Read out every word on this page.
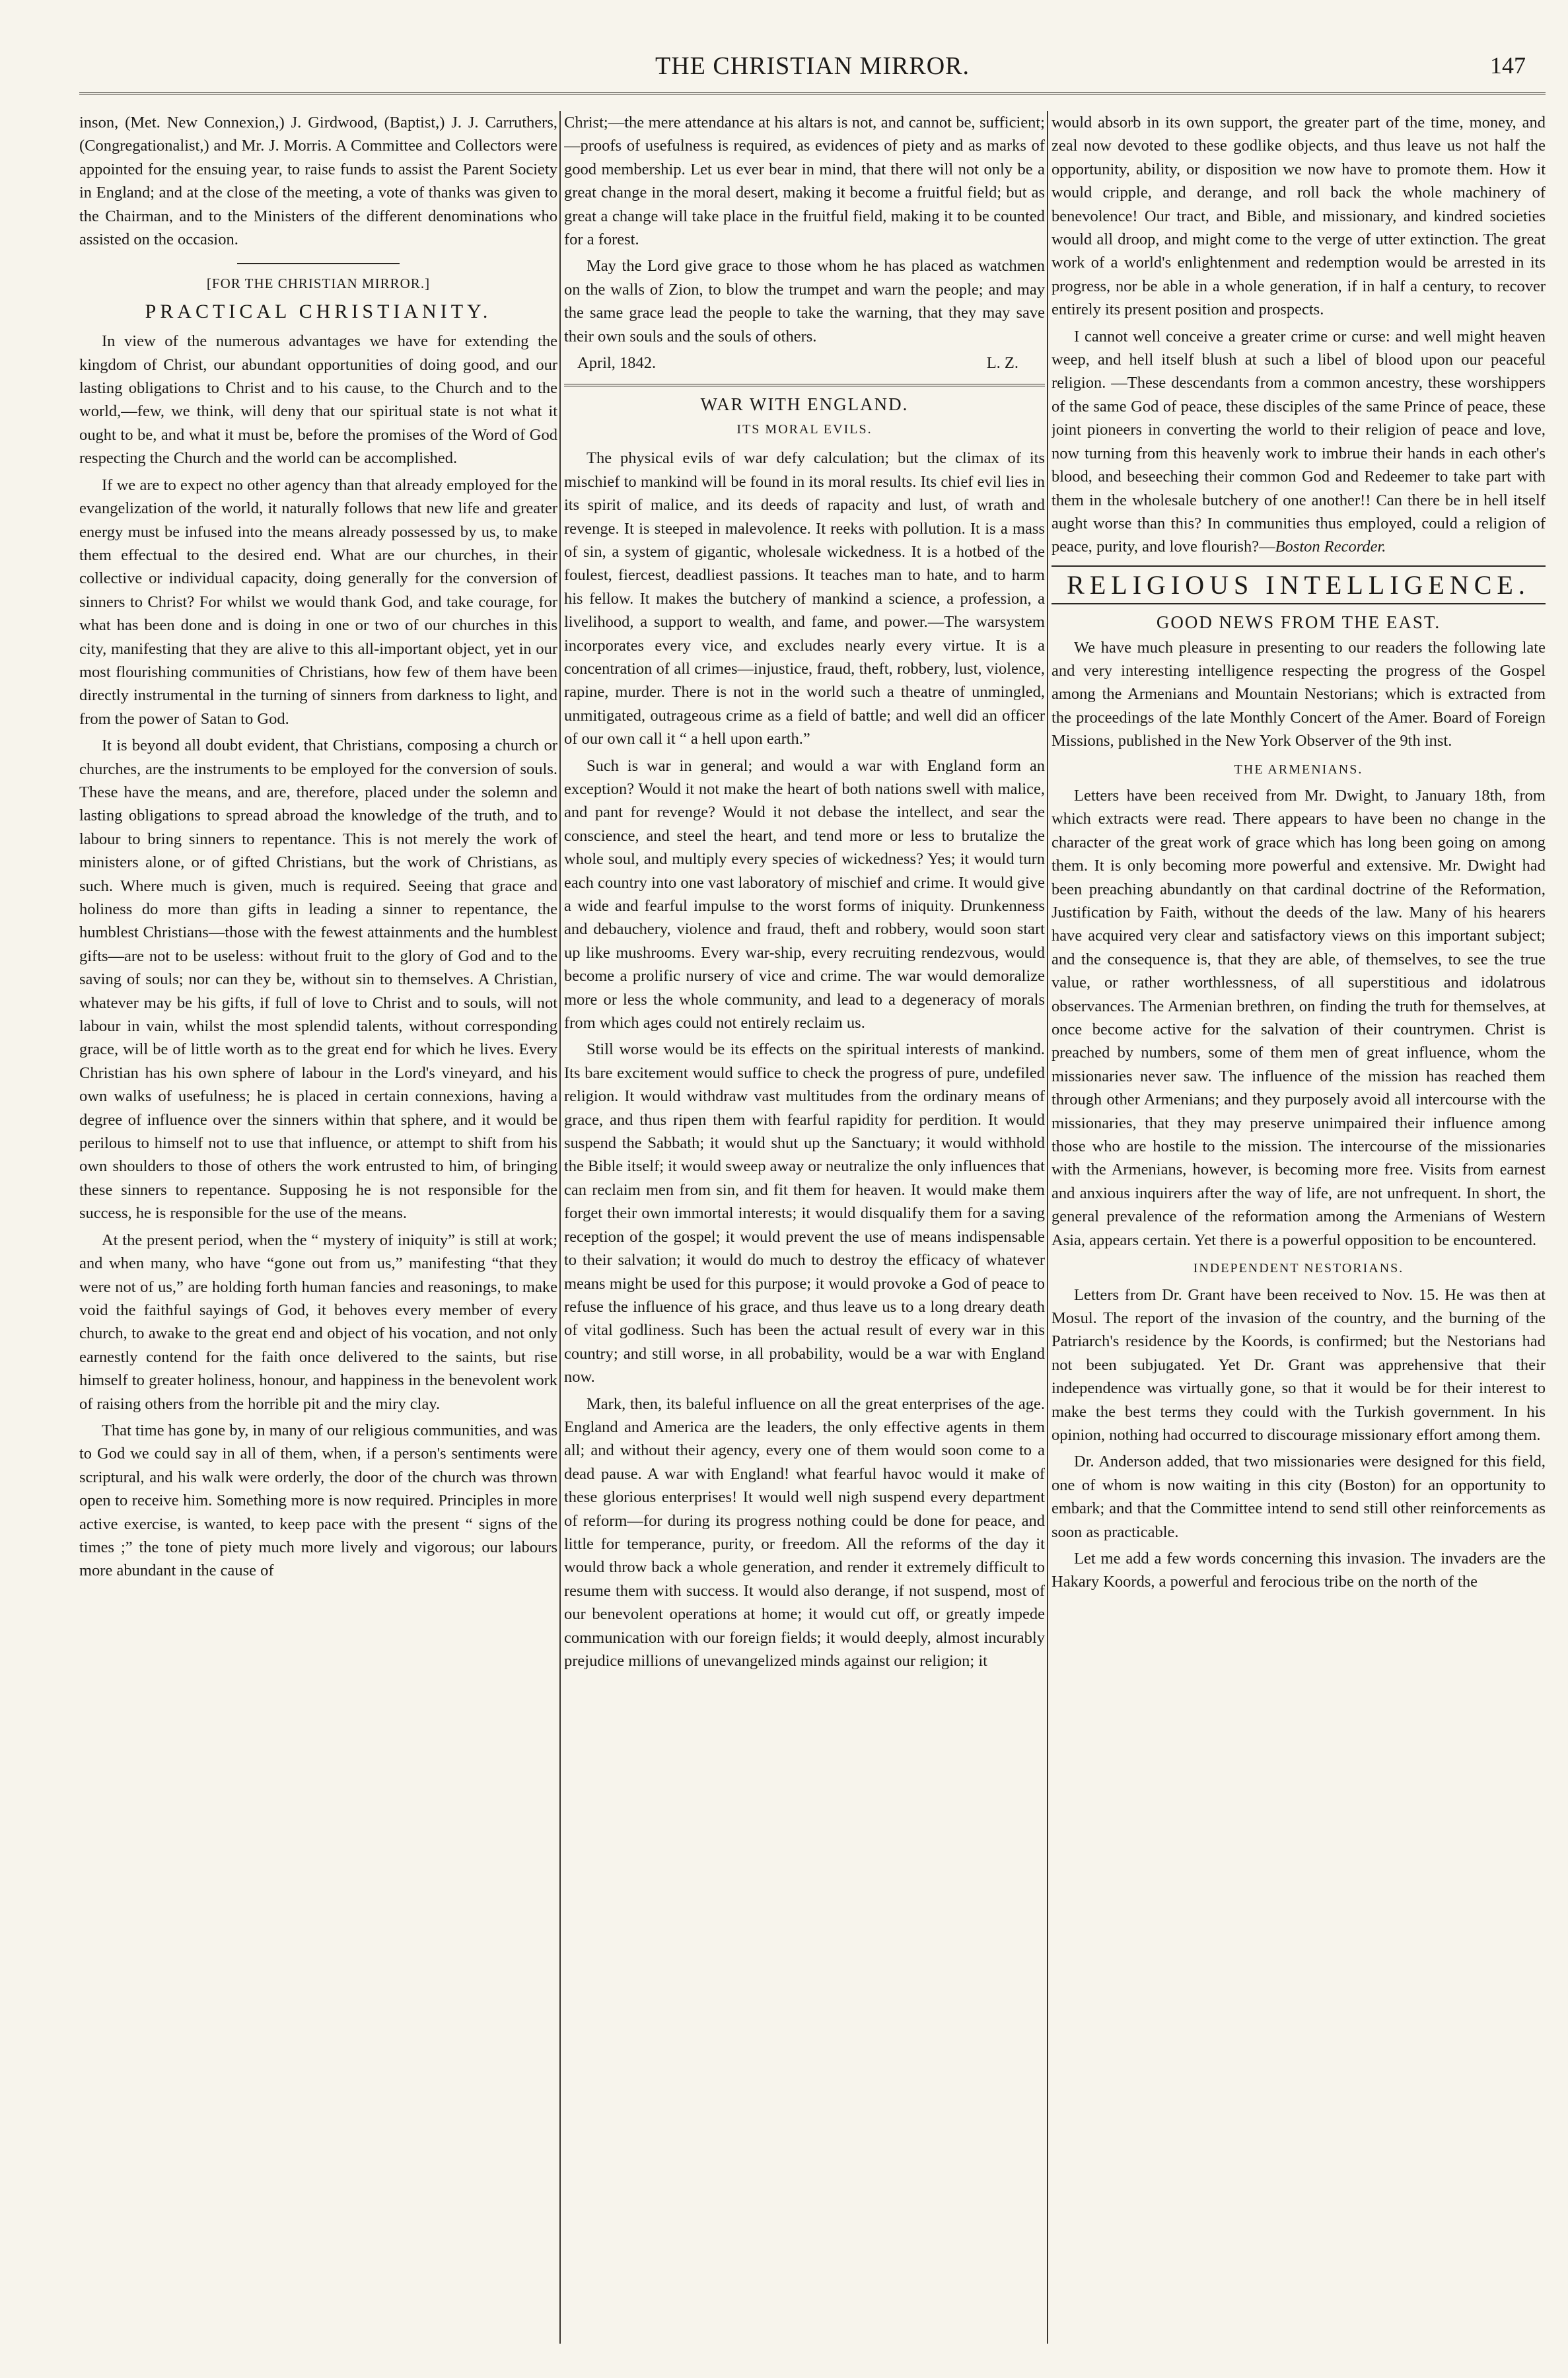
THE CHRISTIAN MIRROR.	147

inson, (Met. New Connexion,) J. Girdwood, (Baptist,) J. J. Carruthers, (Congregationalist,) and Mr. J. Morris. A Committee and Collectors were appointed for the ensuing year, to raise funds to assist the Parent Society in England; and at the close of the meeting, a vote of thanks was given to the Chairman, and to the Ministers of the different denominations who assisted on the occasion.

[FOR THE CHRISTIAN MIRROR.]
PRACTICAL CHRISTIANITY.

In view of the numerous advantages we have for extending the kingdom of Christ, our abundant opportunities of doing good, and our lasting obligations to Christ and to his cause, to the Church and to the world,—few, we think, will deny that our spiritual state is not what it ought to be, and what it must be, before the promises of the Word of God respecting the Church and the world can be accomplished.

If we are to expect no other agency than that already employed for the evangelization of the world, it naturally follows that new life and greater energy must be infused into the means already possessed by us, to make them effectual to the desired end. What are our churches, in their collective or individual capacity, doing generally for the conversion of sinners to Christ? For whilst we would thank God, and take courage, for what has been done and is doing in one or two of our churches in this city, manifesting that they are alive to this all-important object, yet in our most flourishing communities of Christians, how few of them have been directly instrumental in the turning of sinners from darkness to light, and from the power of Satan to God.

It is beyond all doubt evident, that Christians, composing a church or churches, are the instruments to be employed for the conversion of souls. These have the means, and are, therefore, placed under the solemn and lasting obligations to spread abroad the knowledge of the truth, and to labour to bring sinners to repentance. This is not merely the work of ministers alone, or of gifted Christians, but the work of Christians, as such. Where much is given, much is required. Seeing that grace and holiness do more than gifts in leading a sinner to repentance, the humblest Christians—those with the fewest attainments and the humblest gifts—are not to be useless: without fruit to the glory of God and to the saving of souls; nor can they be, without sin to themselves. A Christian, whatever may be his gifts, if full of love to Christ and to souls, will not labour in vain, whilst the most splendid talents, without corresponding grace, will be of little worth as to the great end for which he lives. Every Christian has his own sphere of labour in the Lord's vineyard, and his own walks of usefulness; he is placed in certain connexions, having a degree of influence over the sinners within that sphere, and it would be perilous to himself not to use that influence, or attempt to shift from his own shoulders to those of others the work entrusted to him, of bringing these sinners to repentance. Supposing he is not responsible for the success, he is responsible for the use of the means.

At the present period, when the “ mystery of iniquity” is still at work; and when many, who have “gone out from us,” manifesting “that they were not of us,” are holding forth human fancies and reasonings, to make void the faithful sayings of God, it behoves every member of every church, to awake to the great end and object of his vocation, and not only earnestly contend for the faith once delivered to the saints, but rise himself to greater holiness, honour, and happiness in the benevolent work of raising others from the horrible pit and the miry clay.

That time has gone by, in many of our religious communities, and was to God we could say in all of them, when, if a person's sentiments were scriptural, and his walk were orderly, the door of the church was thrown open to receive him. Something more is now required. Principles in more active exercise, is wanted, to keep pace with the present “ signs of the times ;” the tone of piety much more lively and vigorous; our labours more abundant in the cause of

Christ;—the mere attendance at his altars is not, and cannot be, sufficient;—proofs of usefulness is required, as evidences of piety and as marks of good membership. Let us ever bear in mind, that there will not only be a great change in the moral desert, making it become a fruitful field; but as great a change will take place in the fruitful field, making it to be counted for a forest.

May the Lord give grace to those whom he has placed as watchmen on the walls of Zion, to blow the trumpet and warn the people; and may the same grace lead the people to take the warning, that they may save their own souls and the souls of others.

April, 1842.	L. Z.
WAR WITH ENGLAND.
ITS MORAL EVILS.

The physical evils of war defy calculation; but the climax of its mischief to mankind will be found in its moral results. Its chief evil lies in its spirit of malice, and its deeds of rapacity and lust, of wrath and revenge. It is steeped in malevolence. It reeks with pollution. It is a mass of sin, a system of gigantic, wholesale wickedness. It is a hotbed of the foulest, fiercest, deadliest passions. It teaches man to hate, and to harm his fellow. It makes the butchery of mankind a science, a profession, a livelihood, a support to wealth, and fame, and power.—The warsystem incorporates every vice, and excludes nearly every virtue. It is a concentration of all crimes—injustice, fraud, theft, robbery, lust, violence, rapine, murder. There is not in the world such a theatre of unmingled, unmitigated, outrageous crime as a field of battle; and well did an officer of our own call it “ a hell upon earth.”

Such is war in general; and would a war with England form an exception? Would it not make the heart of both nations swell with malice, and pant for revenge? Would it not debase the intellect, and sear the conscience, and steel the heart, and tend more or less to brutalize the whole soul, and multiply every species of wickedness? Yes; it would turn each country into one vast laboratory of mischief and crime. It would give a wide and fearful impulse to the worst forms of iniquity. Drunkenness and debauchery, violence and fraud, theft and robbery, would soon start up like mushrooms. Every war-ship, every recruiting rendezvous, would become a prolific nursery of vice and crime. The war would demoralize more or less the whole community, and lead to a degeneracy of morals from which ages could not entirely reclaim us.

Still worse would be its effects on the spiritual interests of mankind. Its bare excitement would suffice to check the progress of pure, undefiled religion. It would withdraw vast multitudes from the ordinary means of grace, and thus ripen them with fearful rapidity for perdition. It would suspend the Sabbath; it would shut up the Sanctuary; it would withhold the Bible itself; it would sweep away or neutralize the only influences that can reclaim men from sin, and fit them for heaven. It would make them forget their own immortal interests; it would disqualify them for a saving reception of the gospel; it would prevent the use of means indispensable to their salvation; it would do much to destroy the efficacy of whatever means might be used for this purpose; it would provoke a God of peace to refuse the influence of his grace, and thus leave us to a long dreary death of vital godliness. Such has been the actual result of every war in this country; and still worse, in all probability, would be a war with England now.

Mark, then, its baleful influence on all the great enterprises of the age. England and America are the leaders, the only effective agents in them all; and without their agency, every one of them would soon come to a dead pause. A war with England! what fearful havoc would it make of these glorious enterprises! It would well nigh suspend every department of reform—for during its progress nothing could be done for peace, and little for temperance, purity, or freedom. All the reforms of the day it would throw back a whole generation, and render it extremely difficult to resume them with success. It would also derange, if not suspend, most of our benevolent operations at home; it would cut off, or greatly impede communication with our foreign fields; it would deeply, almost incurably prejudice millions of unevangelized minds against our religion; it

would absorb in its own support, the greater part of the time, money, and zeal now devoted to these godlike objects, and thus leave us not half the opportunity, ability, or disposition we now have to promote them. How it would cripple, and derange, and roll back the whole machinery of benevolence! Our tract, and Bible, and missionary, and kindred societies would all droop, and might come to the verge of utter extinction. The great work of a world's enlightenment and redemption would be arrested in its progress, nor be able in a whole generation, if in half a century, to recover entirely its present position and prospects.

I cannot well conceive a greater crime or curse: and well might heaven weep, and hell itself blush at such a libel of blood upon our peaceful religion. —These descendants from a common ancestry, these worshippers of the same God of peace, these disciples of the same Prince of peace, these joint pioneers in converting the world to their religion of peace and love, now turning from this heavenly work to imbrue their hands in each other's blood, and beseeching their common God and Redeemer to take part with them in the wholesale butchery of one another!! Can there be in hell itself aught worse than this? In communities thus employed, could a religion of peace, purity, and love flourish?—Boston Recorder.

RELIGIOUS INTELLIGENCE.
GOOD NEWS FROM THE EAST.

We have much pleasure in presenting to our readers the following late and very interesting intelligence respecting the progress of the Gospel among the Armenians and Mountain Nestorians; which is extracted from the proceedings of the late Monthly Concert of the Amer. Board of Foreign Missions, published in the New York Observer of the 9th inst.

THE ARMENIANS.

Letters have been received from Mr. Dwight, to January 18th, from which extracts were read. There appears to have been no change in the character of the great work of grace which has long been going on among them. It is only becoming more powerful and extensive. Mr. Dwight had been preaching abundantly on that cardinal doctrine of the Reformation, Justification by Faith, without the deeds of the law. Many of his hearers have acquired very clear and satisfactory views on this important subject; and the consequence is, that they are able, of themselves, to see the true value, or rather worthlessness, of all superstitious and idolatrous observances. The Armenian brethren, on finding the truth for themselves, at once become active for the salvation of their countrymen. Christ is preached by numbers, some of them men of great influence, whom the missionaries never saw. The influence of the mission has reached them through other Armenians; and they purposely avoid all intercourse with the missionaries, that they may preserve unimpaired their influence among those who are hostile to the mission. The intercourse of the missionaries with the Armenians, however, is becoming more free. Visits from earnest and anxious inquirers after the way of life, are not unfrequent. In short, the general prevalence of the reformation among the Armenians of Western Asia, appears certain. Yet there is a powerful opposition to be encountered.

INDEPENDENT NESTORIANS.

Letters from Dr. Grant have been received to Nov. 15. He was then at Mosul. The report of the invasion of the country, and the burning of the Patriarch's residence by the Koords, is confirmed; but the Nestorians had not been subjugated. Yet Dr. Grant was apprehensive that their independence was virtually gone, so that it would be for their interest to make the best terms they could with the Turkish government. In his opinion, nothing had occurred to discourage missionary effort among them.

Dr. Anderson added, that two missionaries were designed for this field, one of whom is now waiting in this city (Boston) for an opportunity to embark; and that the Committee intend to send still other reinforcements as soon as practicable.

Let me add a few words concerning this invasion. The invaders are the Hakary Koords, a powerful and ferocious tribe on the north of the
